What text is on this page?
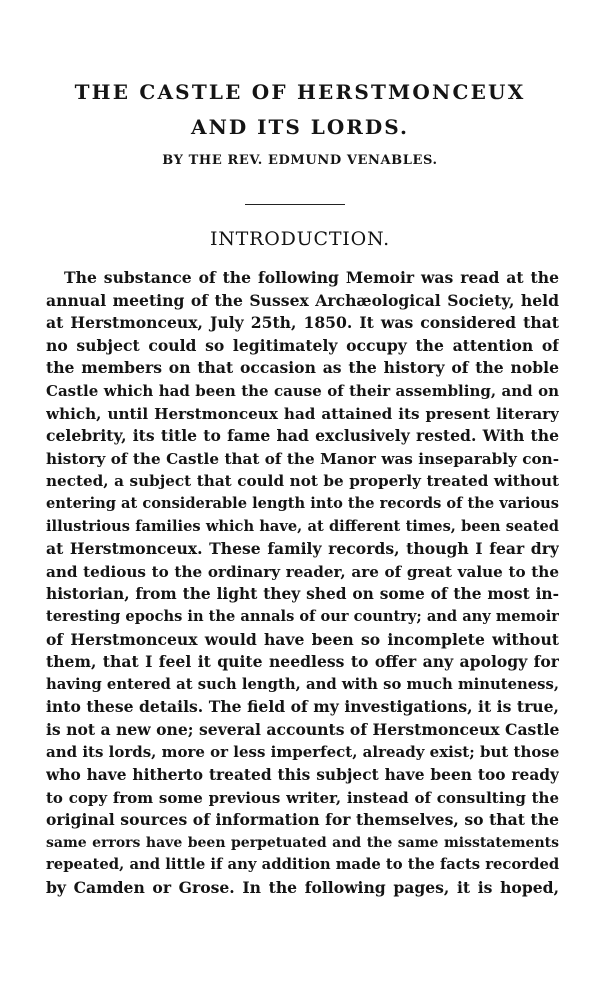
THE CASTLE OF HERSTMONCEUX
AND ITS LORDS.
BY THE REV. EDMUND VENABLES.
INTRODUCTION.
The substance of the following Memoir was read at the
annual meeting of the Sussex Archæological Society, held
at Herstmonceux, July 25th, 1850. It was considered that
no subject could so legitimately occupy the attention of
the members on that occasion as the history of the noble
Castle which had been the cause of their assembling, and on
which, until Herstmonceux had attained its present literary
celebrity, its title to fame had exclusively rested. With the
history of the Castle that of the Manor was inseparably con-
nected, a subject that could not be properly treated without
entering at considerable length into the records of the various
illustrious families which have, at different times, been seated
at Herstmonceux. These family records, though I fear dry
and tedious to the ordinary reader, are of great value to the
historian, from the light they shed on some of the most in-
teresting epochs in the annals of our country; and any memoir
of Herstmonceux would have been so incomplete without
them, that I feel it quite needless to offer any apology for
having entered at such length, and with so much minuteness,
into these details. The field of my investigations, it is true,
is not a new one; several accounts of Herstmonceux Castle
and its lords, more or less imperfect, already exist; but those
who have hitherto treated this subject have been too ready
to copy from some previous writer, instead of consulting the
original sources of information for themselves, so that the
same errors have been perpetuated and the same misstatements
repeated, and little if any addition made to the facts recorded
by Camden or Grose. In the following pages, it is hoped,
